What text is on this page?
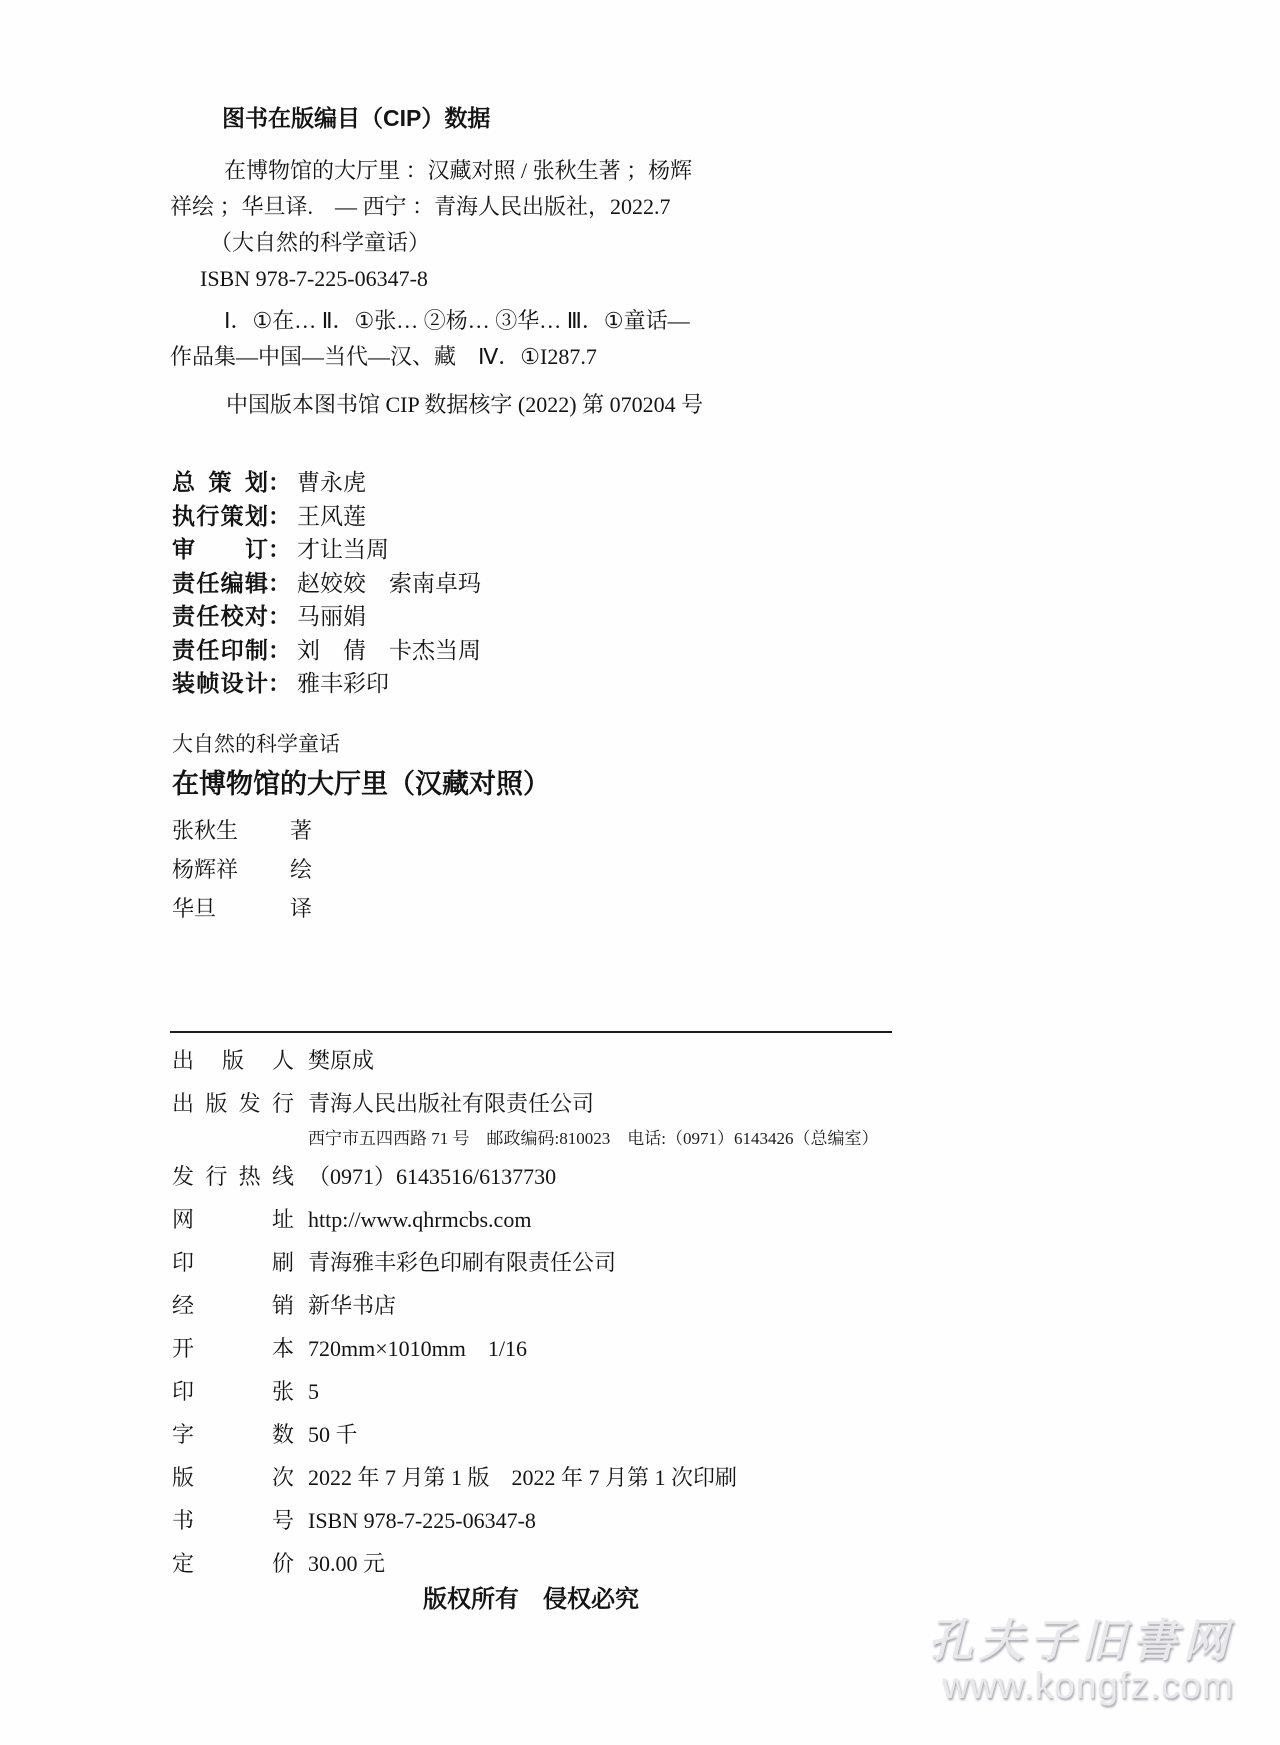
图书在版编目（CIP）数据
在博物馆的大厅里 ：汉藏对照 / 张秋生著 ；杨辉
祥绘 ；华旦译.　— 西宁 ：青海人民出版社，2022.7
（大自然的科学童话）
ISBN 978-7-225-06347-8
Ⅰ．①在… Ⅱ．①张… ②杨… ③华… Ⅲ．①童话—
作品集—中国—当代—汉、藏　Ⅳ．①I287.7
中国版本图书馆 CIP 数据核字 (2022) 第 070204 号
总策划： 曹永虎
执行策划： 王风莲
审订： 才让当周
责任编辑： 赵姣姣　索南卓玛
责任校对： 马丽娟
责任印制： 刘　倩　卡杰当周
装帧设计： 雅丰彩印
大自然的科学童话
在博物馆的大厅里（汉藏对照）
张秋生 著
杨辉祥 绘
华旦	译
出版人 樊原成
出版发行 青海人民出版社有限责任公司
西宁市五四西路 71 号　邮政编码:810023　电话:（0971）6143426（总编室）
发行热线 （0971）6143516/6137730
网址 http://www.qhrmcbs.com
印刷 青海雅丰彩色印刷有限责任公司
经销 新华书店
开本 720mm×1010mm　1/16
印张 5
字数 50 千
版次 2022 年 7 月第 1 版　2022 年 7 月第 1 次印刷
书号 ISBN 978-7-225-06347-8
定价 30.00 元
版权所有　侵权必究
孔夫子旧書网
www.kongfz.com
